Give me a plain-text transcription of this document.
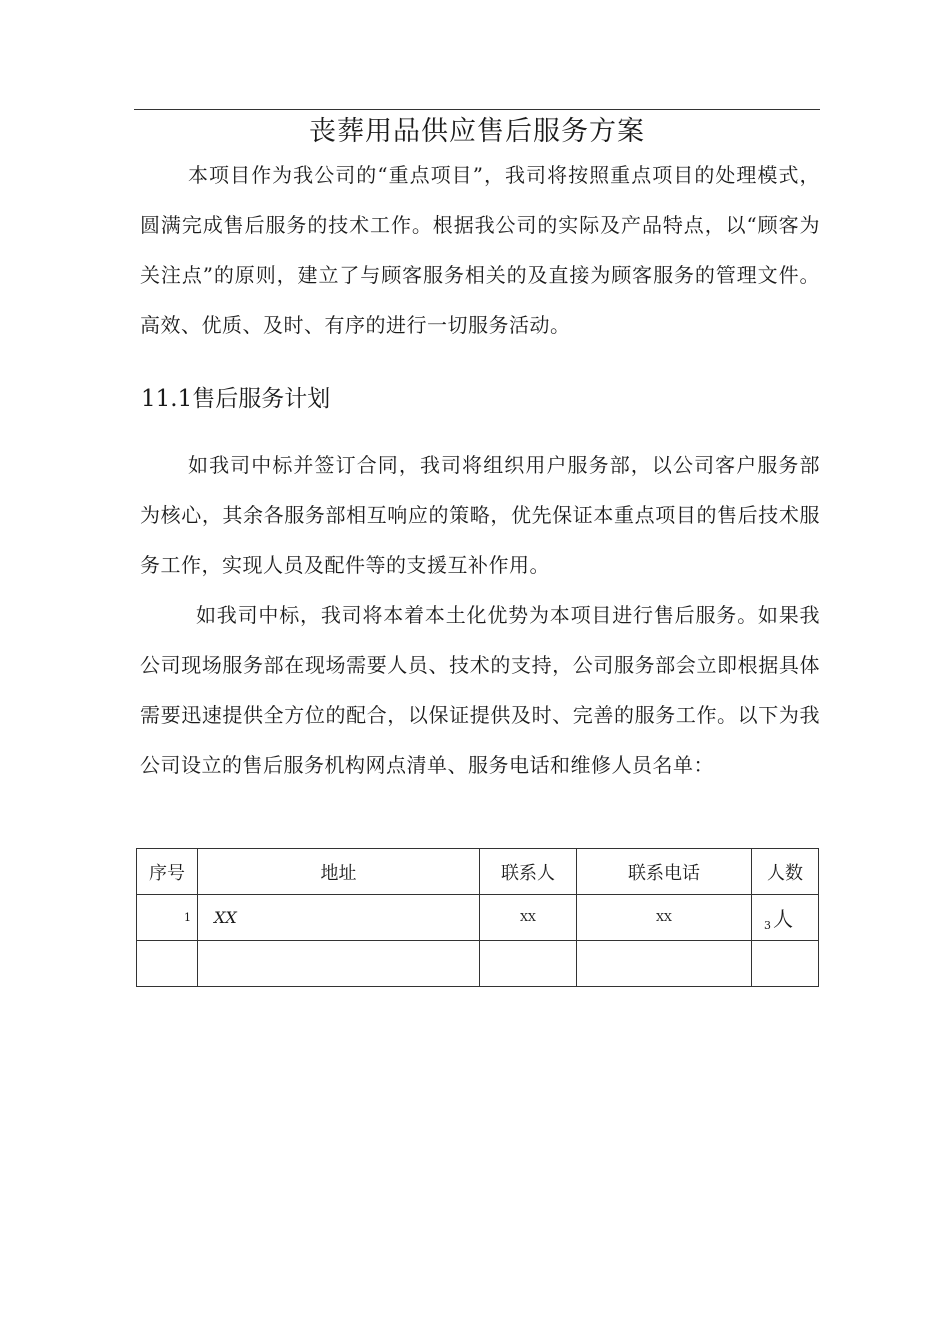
丧葬用品供应售后服务方案

本项目作为我公司的“重点项目”，我司将按照重点项目的处理模式，圆满完成售后服务的技术工作。根据我公司的实际及产品特点，以“顾客为关注点”的原则，建立了与顾客服务相关的及直接为顾客服务的管理文件。高效、优质、及时、有序的进行一切服务活动。

11.1售后服务计划

如我司中标并签订合同，我司将组织用户服务部，以公司客户服务部为核心，其余各服务部相互响应的策略，优先保证本重点项目的售后技术服务工作，实现人员及配件等的支援互补作用。

如我司中标，我司将本着本土化优势为本项目进行售后服务。如果我公司现场服务部在现场需要人员、技术的支持，公司服务部会立即根据具体需要迅速提供全方位的配合，以保证提供及时、完善的服务工作。以下为我公司设立的售后服务机构网点清单、服务电话和维修人员名单：

序号	地址	联系人	联系电话	人数
1	XX	XX	XX	3 人
